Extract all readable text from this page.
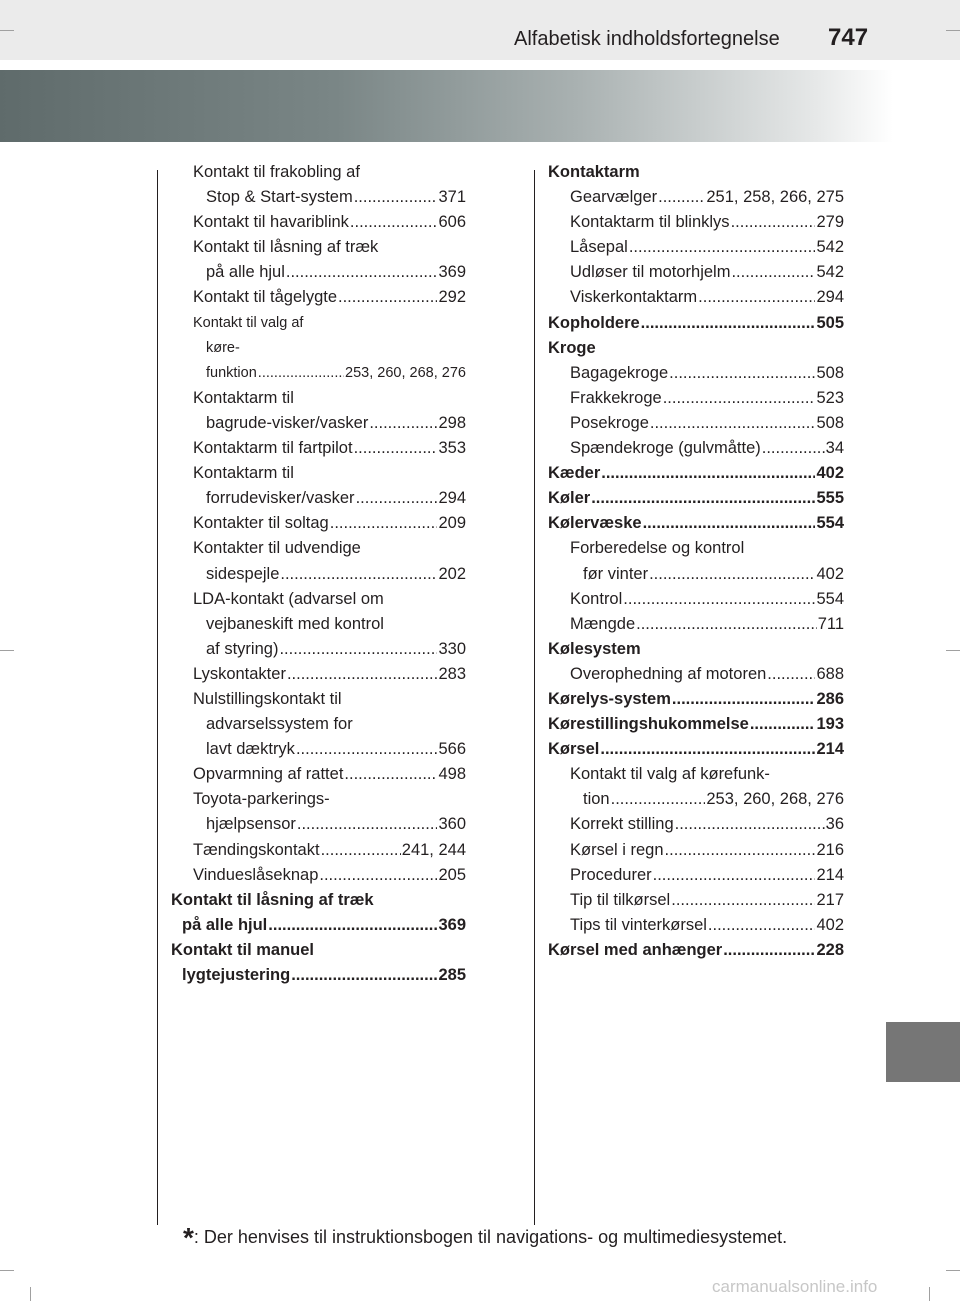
Alfabetisk indholdsfortegnelse 747
Kontakt til frakobling af
Stop & Start-system .....	371
Kontakt til havariblink .....	606
Kontakt til låsning af træk
på alle hjul .....	369
Kontakt til tågelygte .....	292
Kontakt til valg af
køre-
funktion .....	253, 260, 268, 276
Kontaktarm til
bagrude-visker/vasker .....	298
Kontaktarm til fartpilot .....	353
Kontaktarm til
forrudevisker/vasker .....	294
Kontakter til soltag .....	209
Kontakter til udvendige
sidespejle .....	202
LDA-kontakt (advarsel om
vejbaneskift med kontrol
af styring) .....	330
Lyskontakter .....	283
Nulstillingskontakt til
advarselssystem for
lavt dæktryk .....	566
Opvarmning af rattet .....	498
Toyota-parkerings-
hjælpsensor .....	360
Tændingskontakt .....	241, 244
Vindueslåseknap .....	205
Kontakt til låsning af træk
på alle hjul .....	369
Kontakt til manuel
lygtejustering .....	285
Kontaktarm
Gearvælger .....	251, 258, 266, 275
Kontaktarm til blinklys .....	279
Låsepal .....	542
Udløser til motorhjelm .....	542
Viskerkontaktarm .....	294
Kopholdere .....	505
Kroge
Bagagekroge .....	508
Frakkekroge .....	523
Posekroge .....	508
Spændekroge (gulvmåtte) .....	34
Kæder .....	402
Køler .....	555
Kølervæske .....	554
Forberedelse og kontrol
før vinter .....	402
Kontrol .....	554
Mængde .....	711
Kølesystem
Overophedning af motoren .....	688
Kørelys-system .....	286
Kørestillingshukommelse .....	193
Kørsel .....	214
Kontakt til valg af kørefunk-
tion .....	253, 260, 268, 276
Korrekt stilling .....	36
Kørsel i regn .....	216
Procedurer .....	214
Tip til tilkørsel .....	217
Tips til vinterkørsel .....	402
Kørsel med anhænger .....	228
*: Der henvises til instruktionsbogen til navigations- og multimediesystemet.
carmanualsonline.info
